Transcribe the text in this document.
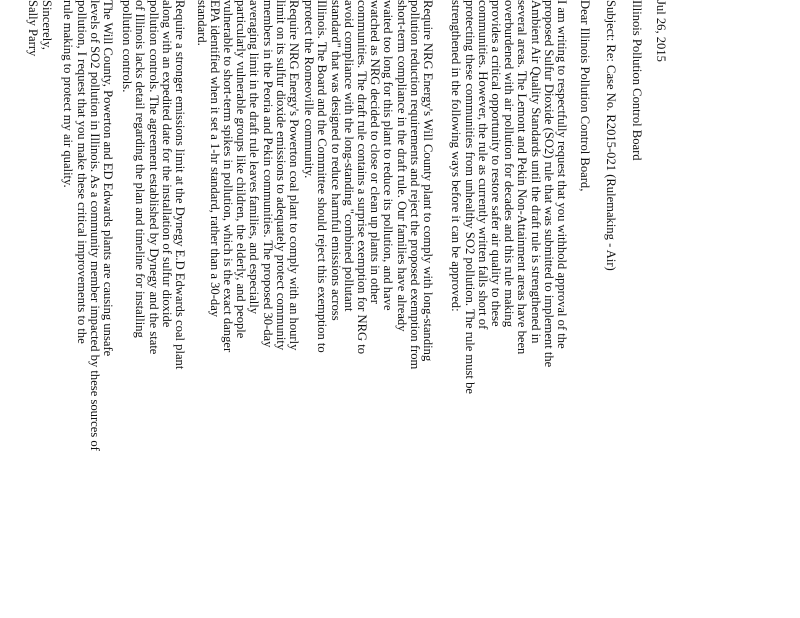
Jul 26, 2015

Illinois Pollution Control Board

Subject: Re: Case No. R2015-021 (Rulemaking - Air)

Dear Illinois Pollution Control Board,

I am writing to respectfully request that you withhold approval of the
proposed Sulfur Dioxide (SO2) rule that was submitted to implement the
Ambient Air Quality Standards until the draft rule is strengthened in
several areas. The Lemont and Pekin Non-Attainment areas have been
overburdened with air pollution for decades and this rule making
provides a critical opportunity to restore safer air quality to these
communities. However, the rule as currently written falls short of
protecting these communities from unhealthy SO2 pollution. The rule must be
strengthened in the following ways before it can be approved:
Require NRG Energy's Will County plant to comply with long-standing
pollution reduction requirements and reject the proposed exemption from
short-term compliance in the draft rule. Our families have already
waited too long for this plant to reduce its pollution, and have
watched as NRG decided to close or clean up plants in other
communities. The draft rule contains a surprise exemption for NRG to
avoid compliance with the long-standing "combined pollutant
standard" that was designed to reduce harmful emissions across
Illinois. The Board and the Committee should reject this exemption to
protect the Romeoville community.
Require NRG Energy's Powerton coal plant to comply with an hourly
limit on its sulfur dioxide emissions to adequately protect community
members in the Peoria and Pekin communities. The proposed 30-day
averaging limit in the draft rule leaves families, and especially
particularly vulnerable groups like children, the elderly, and people
vulnerable to short-term spikes in pollution, which is the exact danger
EPA identified when it set a 1-hr standard, rather than a 30-day
standard.
Require a stronger emissions limit at the Dynegy E.D Edwards coal plant
along with an expedited date for the installation of sulfur dioxide
pollution controls. The agreement established by Dynegy and the state
of Illinois lacks detail regarding the plan and timeline for installing
pollution controls.
The Will County, Powerton and ED Edwards plants are causing unsafe
levels of SO2 pollution in Illinois. As a community member impacted by these sources of
pollution, I request that you make these critical improvements to the
rule making to protect my air quality.

Sincerely,

Sally Parry
